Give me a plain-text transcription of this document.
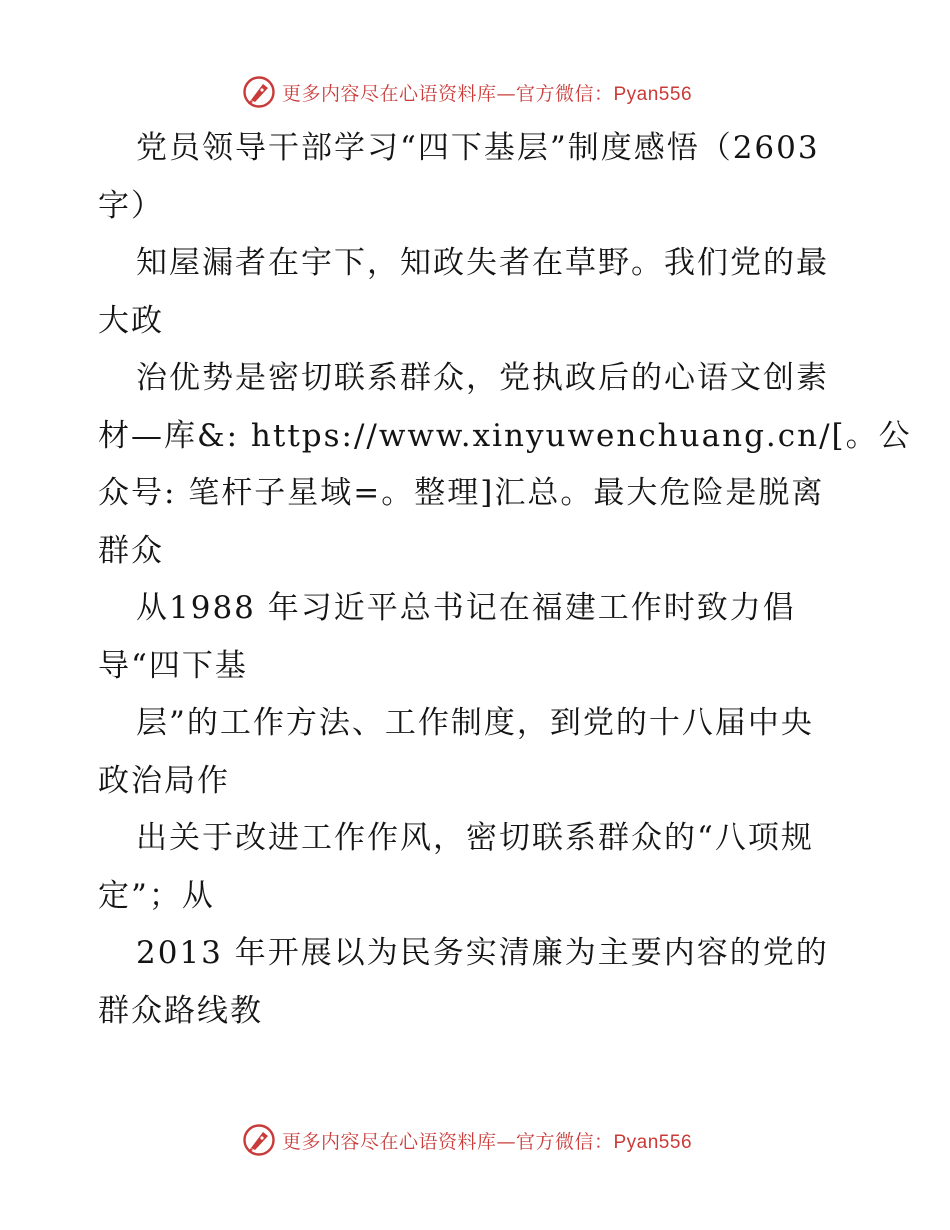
更多内容尽在心语资料库—官方微信：Pyan556
党员领导干部学习“四下基层”制度感悟（2603
字）
知屋漏者在宇下，知政失者在草野。我们党的最
大政
治优势是密切联系群众，党执政后的心语文创素
材—库&: https://www.xinyuwenchuang.cn/[。公
众号: 笔杆子星域=。整理]汇总。最大危险是脱离
群众
从1988 年习近平总书记在福建工作时致力倡
导“四下基
层”的工作方法、工作制度，到党的十八届中央
政治局作
出关于改进工作作风，密切联系群众的“八项规
定”；从
2013 年开展以为民务实清廉为主要内容的党的
群众路线教
更多内容尽在心语资料库—官方微信：Pyan556
